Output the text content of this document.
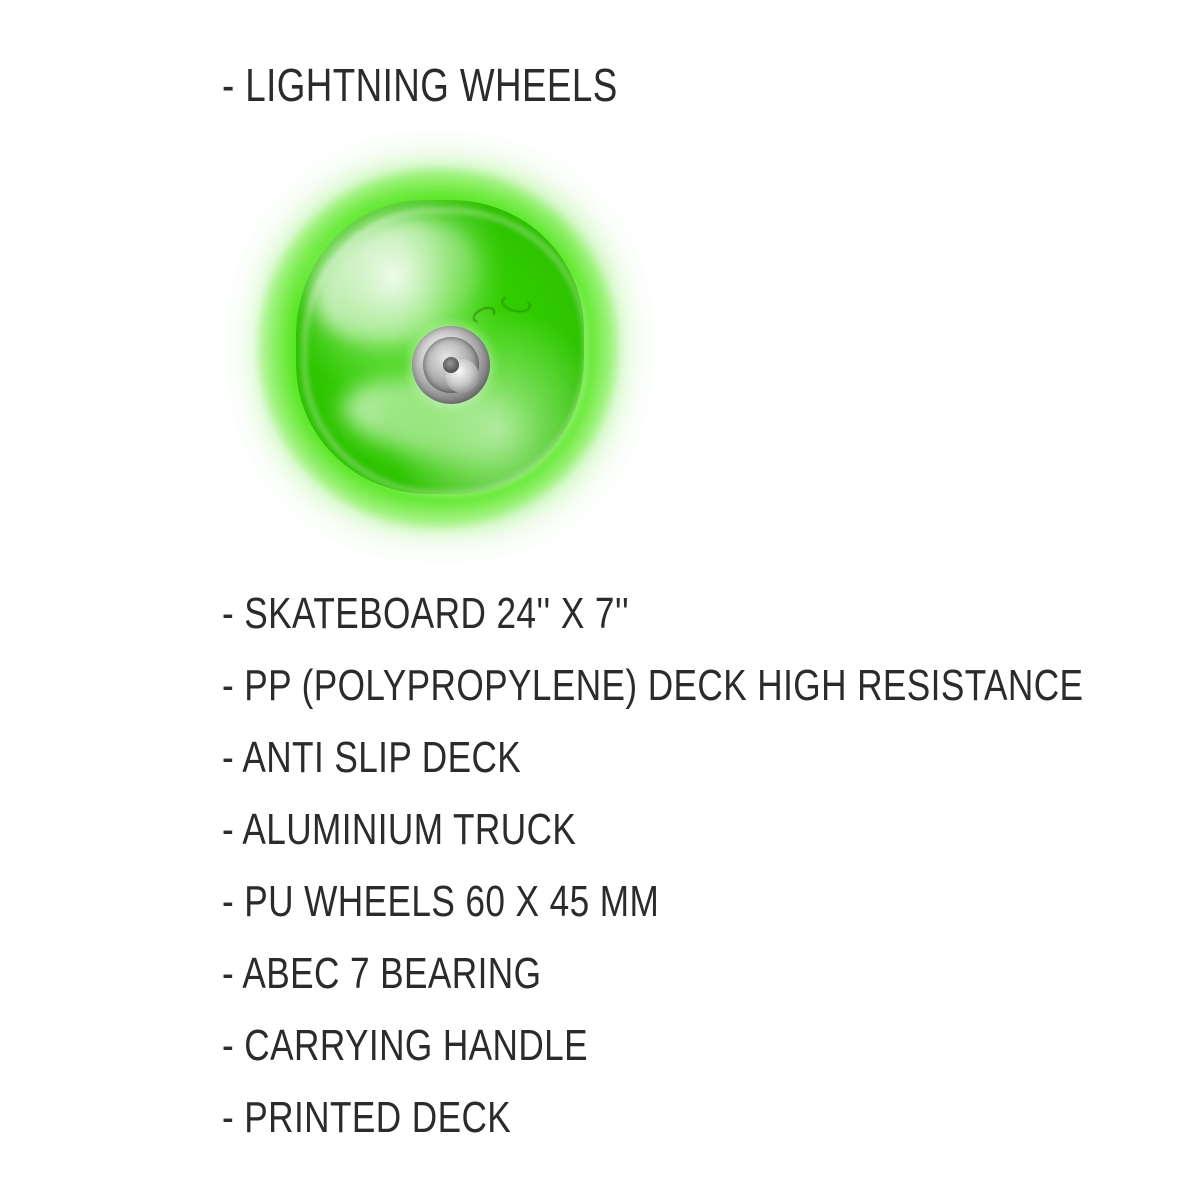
- LIGHTNING WHEELS
- SKATEBOARD 24'' X 7''
- PP (POLYPROPYLENE) DECK HIGH RESISTANCE
- ANTI SLIP DECK
- ALUMINIUM TRUCK
- PU WHEELS 60 X 45 MM
- ABEC 7 BEARING
- CARRYING HANDLE
- PRINTED DECK
